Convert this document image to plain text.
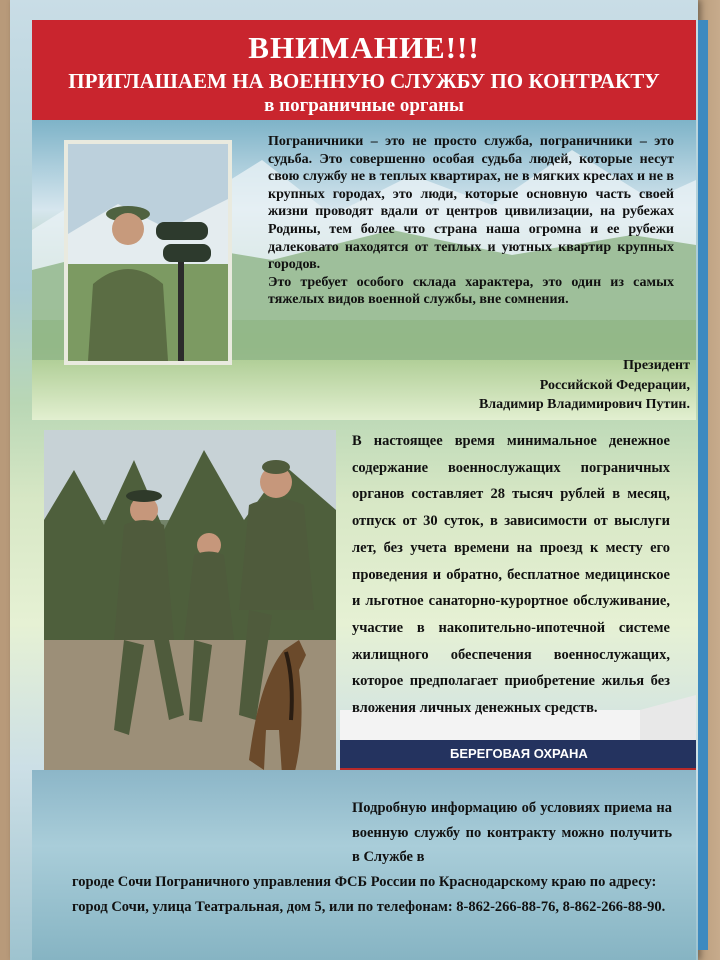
ВНИМАНИЕ!!!
ПРИГЛАШАЕМ НА ВОЕННУЮ СЛУЖБУ ПО КОНТРАКТУ
в пограничные органы

Пограничники – это не просто служба, пограничники – это судьба. Это совершенно особая судьба людей, которые несут свою службу не в теплых квартирах, не в мягких креслах и не в крупных городах, это люди, которые основную часть своей жизни проводят вдали от центров цивилизации, на рубежах Родины, тем более что страна наша огромна и ее рубежи далековато находятся от теплых и уютных квартир крупных городов.

Это требует особого склада характера, это один из самых тяжелых видов военной службы, вне сомнения.

Президент
Российской Федерации,
Владимир Владимирович Путин.
БЕРЕГОВАЯ ОХРАНА
В настоящее время минимальное денежное содержание военнослужащих пограничных органов составляет 28 тысяч рублей в месяц, отпуск от 30 суток, в зависимости от выслуги лет, без учета времени на проезд к месту его проведения и обратно, бесплатное медицинское и льготное санаторно-курортное обслуживание, участие в накопительно-ипотечной системе жилищного обеспечения военнослужащих, которое предполагает приобретение жилья без вложения личных денежных средств.
Подробную информацию об условиях приема на военную службу по контракту можно получить в Службе в
городе Сочи Пограничного управления ФСБ России по Краснодарскому краю по адресу: город Сочи, улица Театральная, дом 5, или по телефонам: 8-862-266-88-76, 8-862-266-88-90.
